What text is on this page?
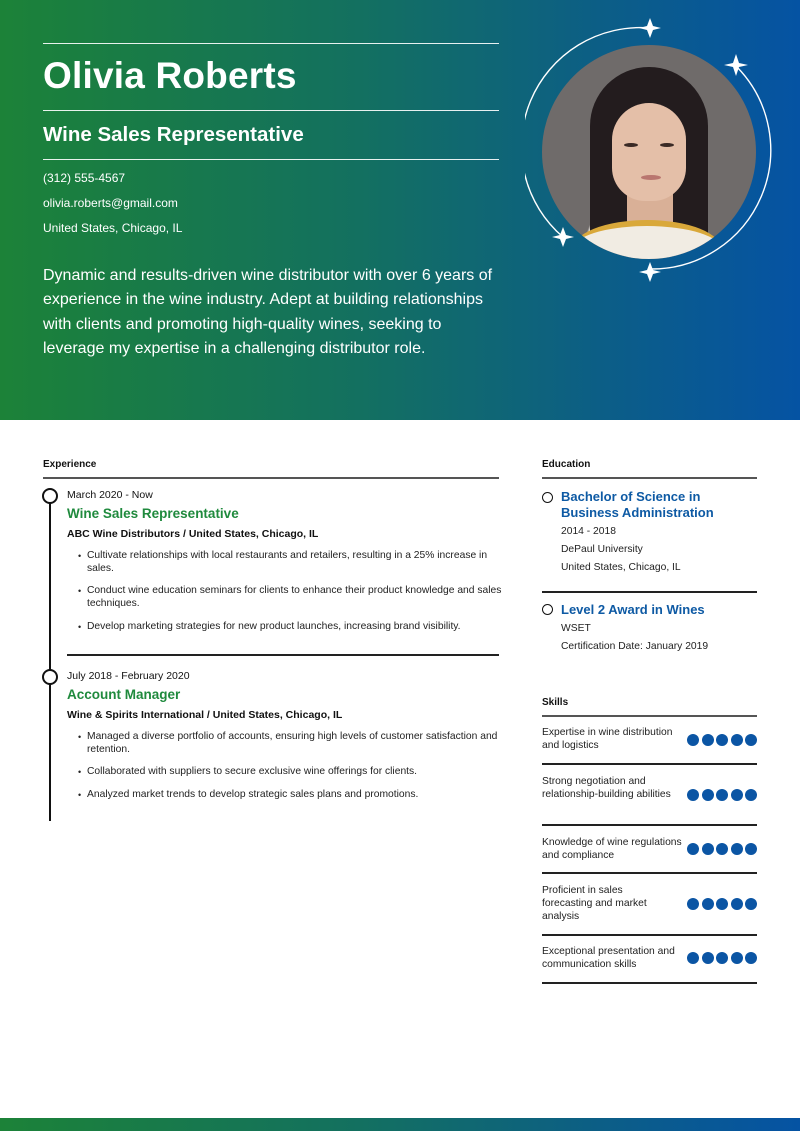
Olivia Roberts
Wine Sales Representative
(312) 555-4567
olivia.roberts@gmail.com
United States, Chicago, IL
Dynamic and results-driven wine distributor with over 6 years of experience in the wine industry. Adept at building relationships with clients and promoting high-quality wines, seeking to leverage my expertise in a challenging distributor role.
Experience
March 2020 - Now
Wine Sales Representative
ABC Wine Distributors / United States, Chicago, IL
• Cultivate relationships with local restaurants and retailers, resulting in a 25% increase in sales.
• Conduct wine education seminars for clients to enhance their product knowledge and sales techniques.
• Develop marketing strategies for new product launches, increasing brand visibility.
July 2018 - February 2020
Account Manager
Wine & Spirits International / United States, Chicago, IL
• Managed a diverse portfolio of accounts, ensuring high levels of customer satisfaction and retention.
• Collaborated with suppliers to secure exclusive wine offerings for clients.
• Analyzed market trends to develop strategic sales plans and promotions.
Education
Bachelor of Science in Business Administration
2014 - 2018
DePaul University
United States, Chicago, IL
Level 2 Award in Wines
WSET
Certification Date: January 2019
Skills
Expertise in wine distribution and logistics
Strong negotiation and relationship-building abilities
Knowledge of wine regulations and compliance
Proficient in sales forecasting and market analysis
Exceptional presentation and communication skills
